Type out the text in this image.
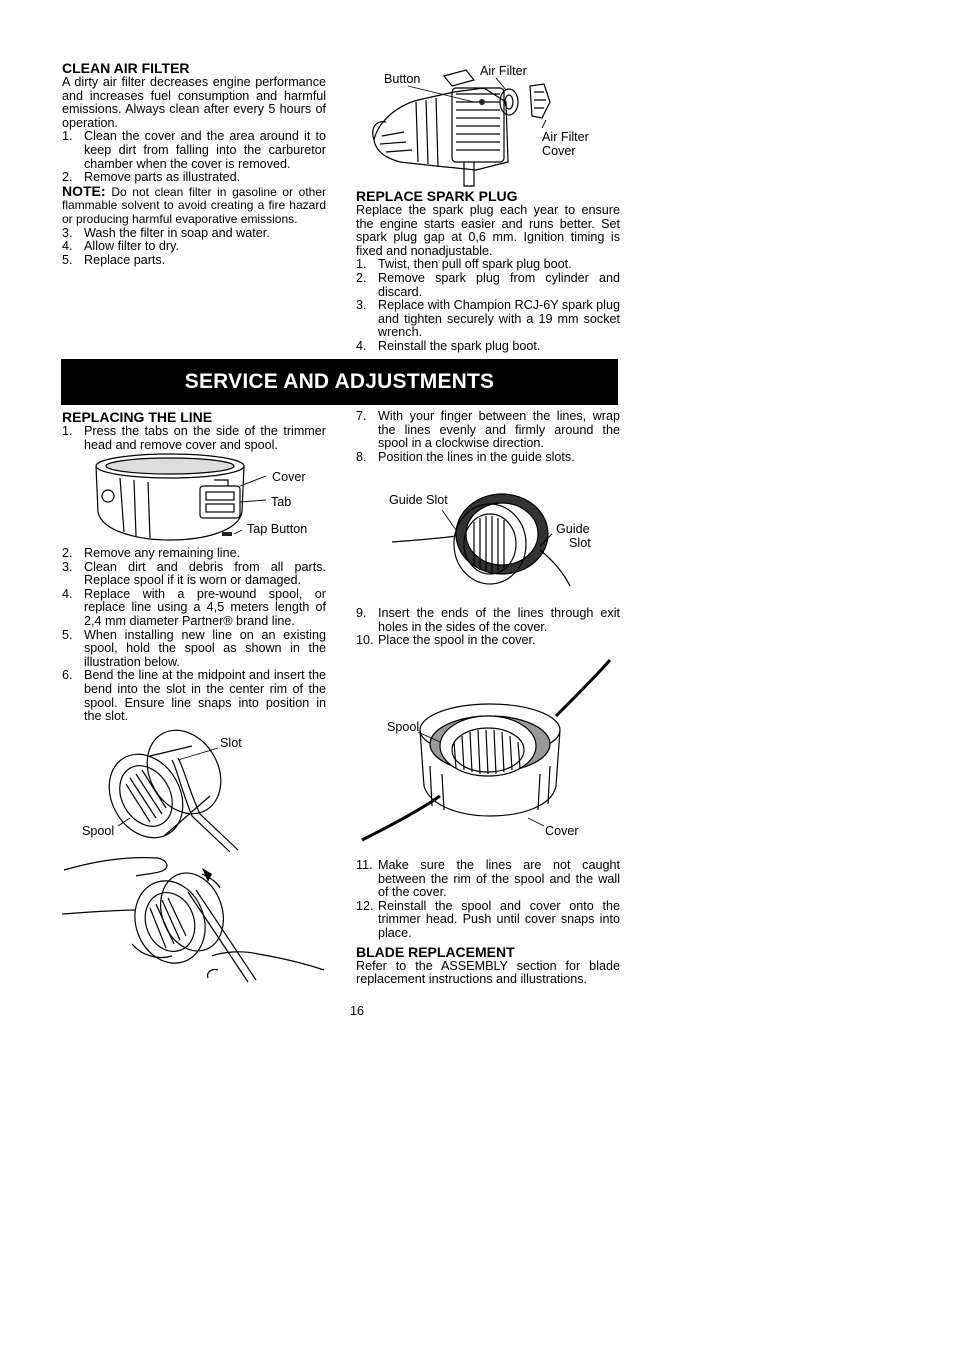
CLEAN AIR FILTER

A dirty air filter decreases engine performance and increases fuel consumption and harmful emissions. Always clean after every 5 hours of operation.

1. Clean the cover and the area around it to keep dirt from falling into the carburetor chamber when the cover is removed.
2. Remove parts as illustrated.

NOTE: Do not clean filter in gasoline or other flammable solvent to avoid creating a fire hazard or producing harmful evaporative emissions.

3. Wash the filter in soap and water.
4. Allow filter to dry.
5. Replace parts.
Button
Air Filter
Air Filter
Cover
REPLACE SPARK PLUG

Replace the spark plug each year to ensure the engine starts easier and runs better. Set spark plug gap at 0,6 mm. Ignition timing is fixed and nonadjustable.

1. Twist, then pull off spark plug boot.
2. Remove spark plug from cylinder and discard.
3. Replace with Champion RCJ-6Y spark plug and tighten securely with a 19 mm socket wrench.
4. Reinstall the spark plug boot.
SERVICE AND ADJUSTMENTS
REPLACING THE LINE
1. Press the tabs on the side of the trimmer head and remove cover and spool.
Cover
Tab
Tap Button
2. Remove any remaining line.
3. Clean dirt and debris from all parts. Replace spool if it is worn or damaged.
4. Replace with a pre-wound spool, or replace line using a 4,5 meters length of 2,4 mm diameter Partner® brand line.
5. When installing new line on an existing spool, hold the spool as shown in the illustration below.
6. Bend the line at the midpoint and insert the bend into the slot in the center rim of the spool. Ensure line snaps into position in the slot.
Slot
Spool
7. With your finger between the lines, wrap the lines evenly and firmly around the spool in a clockwise direction.
8. Position the lines in the guide slots.
Guide Slot
Guide
Slot
9. Insert the ends of the lines through exit holes in the sides of the cover.
10. Place the spool in the cover.
Spool
Cover
11. Make sure the lines are not caught between the rim of the spool and the wall of the cover.
12. Reinstall the spool and cover onto the trimmer head. Push until cover snaps into place.
BLADE REPLACEMENT

Refer to the ASSEMBLY section for blade replacement instructions and illustrations.

16
